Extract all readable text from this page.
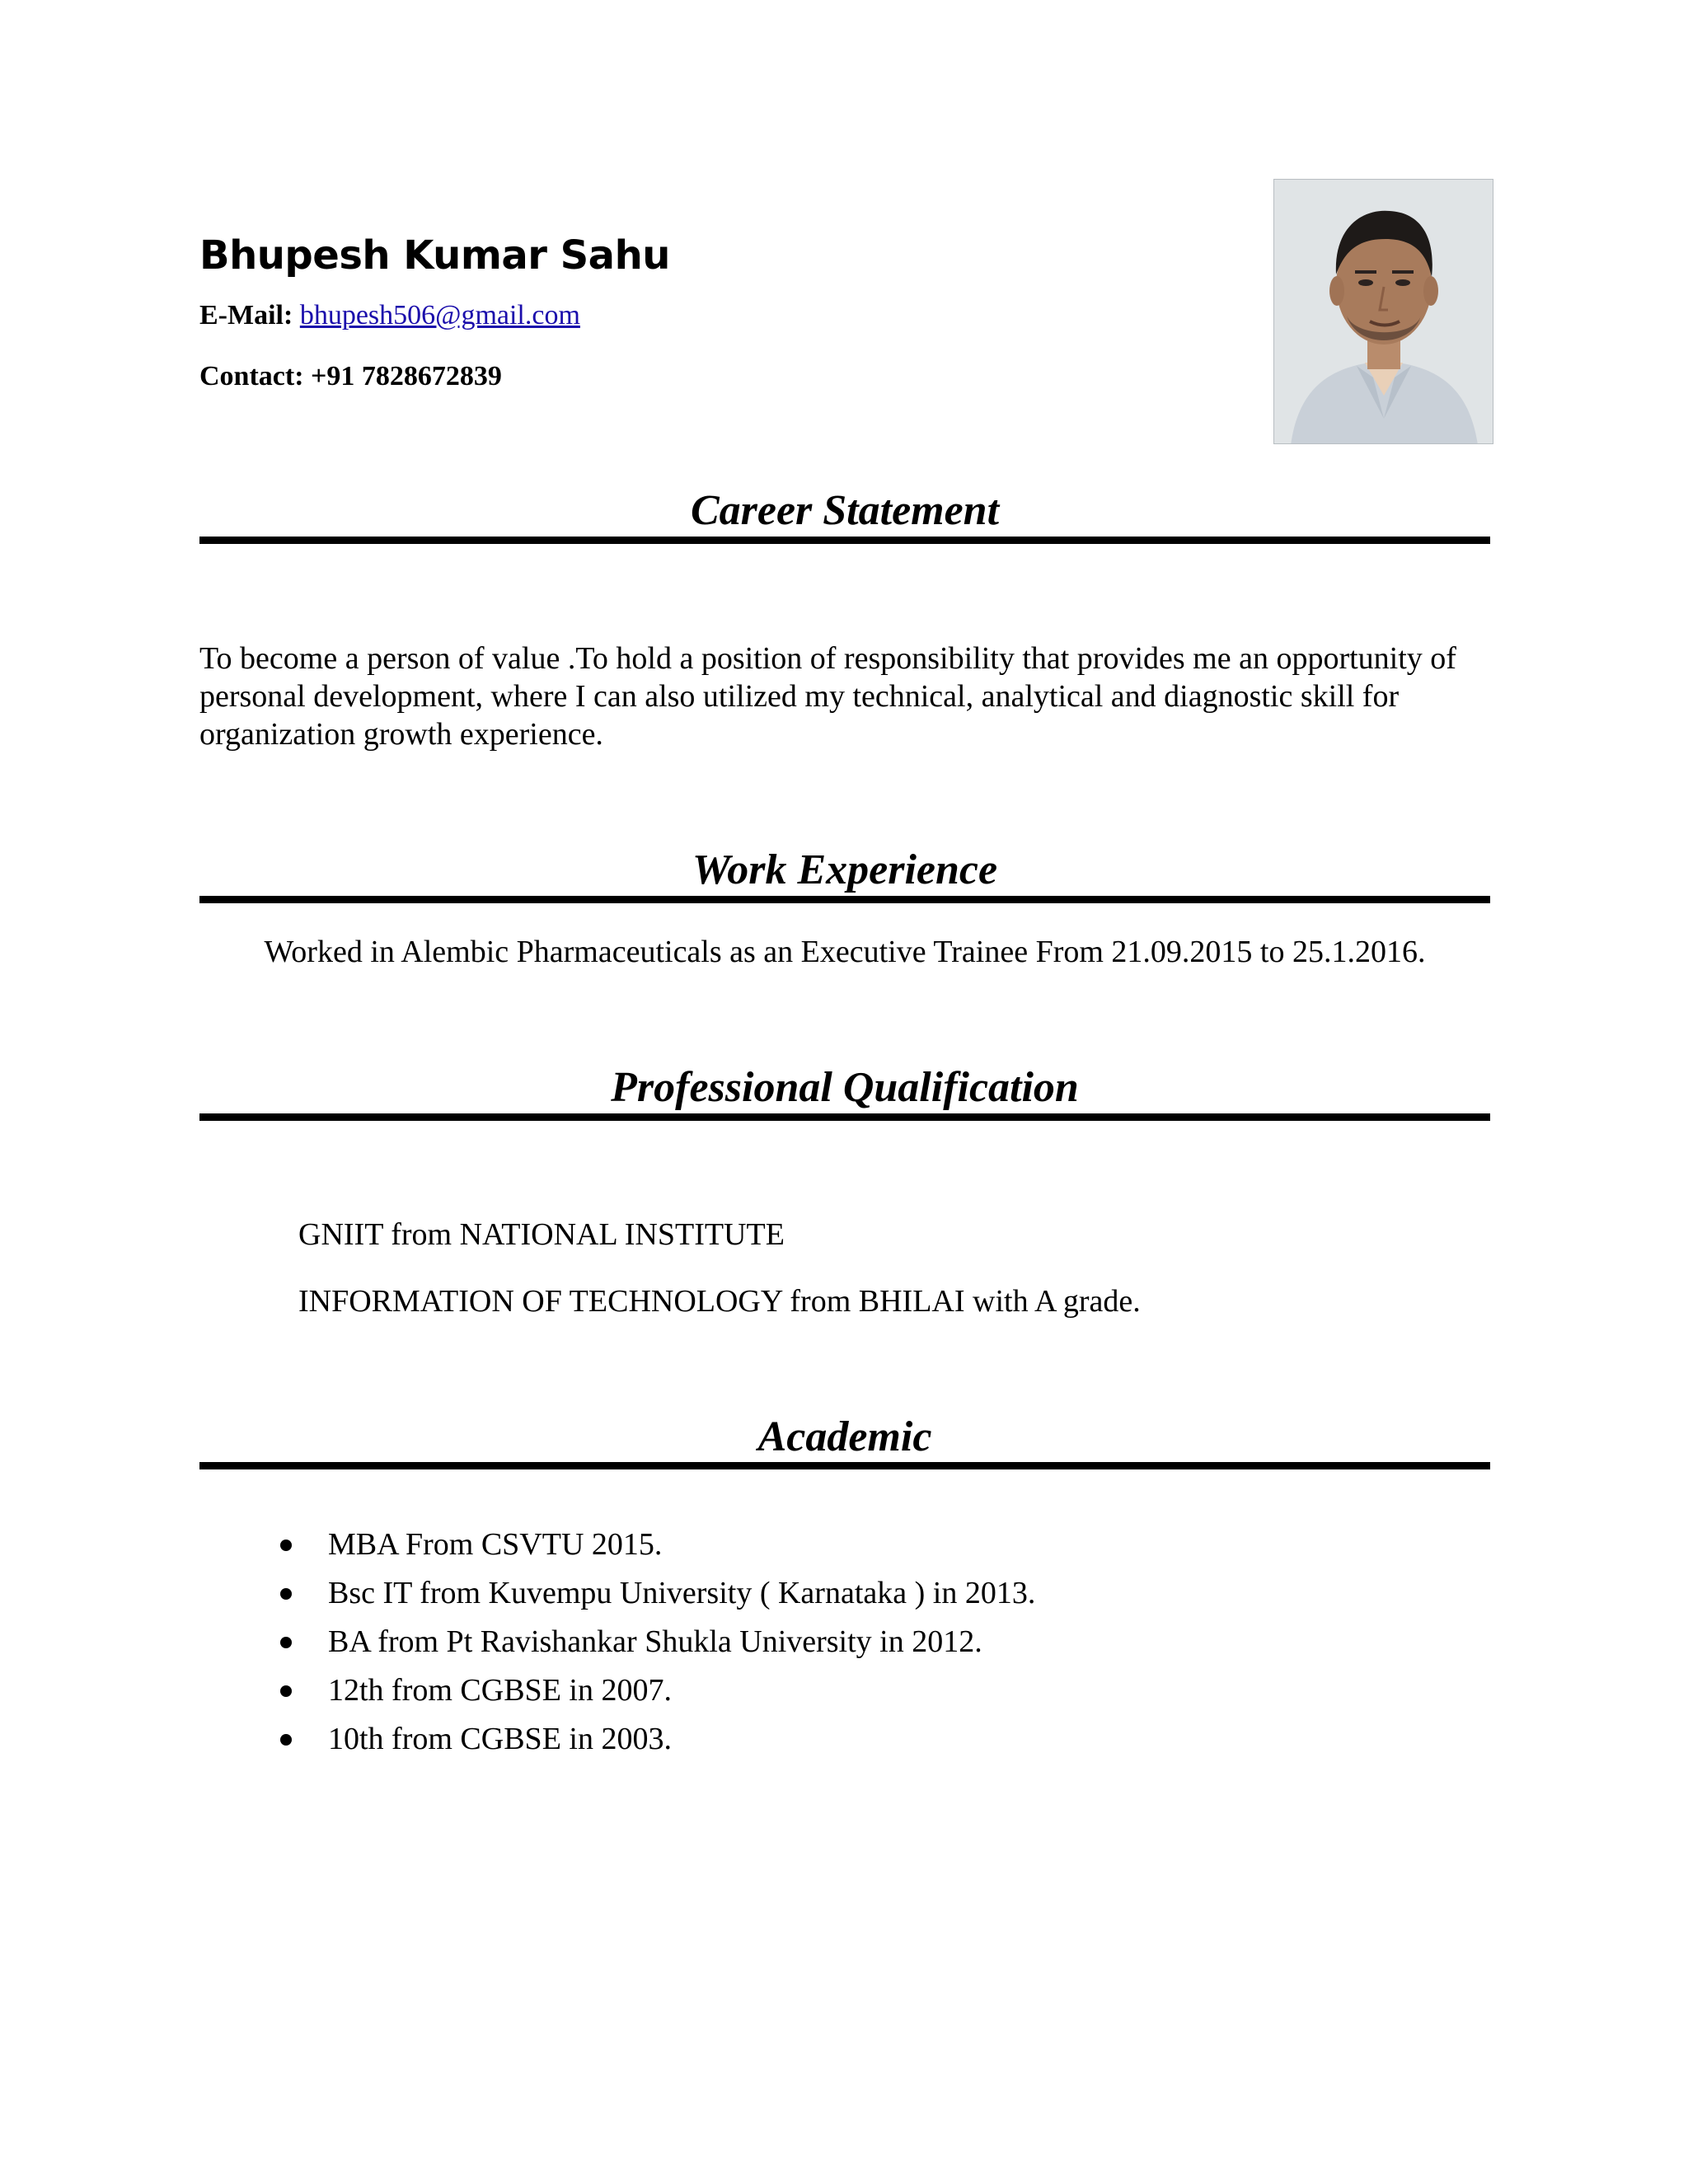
Bhupesh Kumar Sahu
E-Mail: bhupesh506@gmail.com
Contact: +91 7828672839
Career Statement
To become a person of value .To hold a position of responsibility that provides me an opportunity of personal development, where I can also utilized my technical, analytical and diagnostic skill for organization growth experience.
Work Experience
Worked in Alembic Pharmaceuticals as an Executive Trainee From 21.09.2015 to 25.1.2016.
Professional Qualification
GNIIT from NATIONAL INSTITUTE
INFORMATION OF TECHNOLOGY from BHILAI with A grade.
Academic
MBA From CSVTU 2015.
Bsc IT from Kuvempu University ( Karnataka ) in 2013.
BA from Pt Ravishankar Shukla University in 2012.
12th from CGBSE in 2007.
10th from CGBSE in 2003.
